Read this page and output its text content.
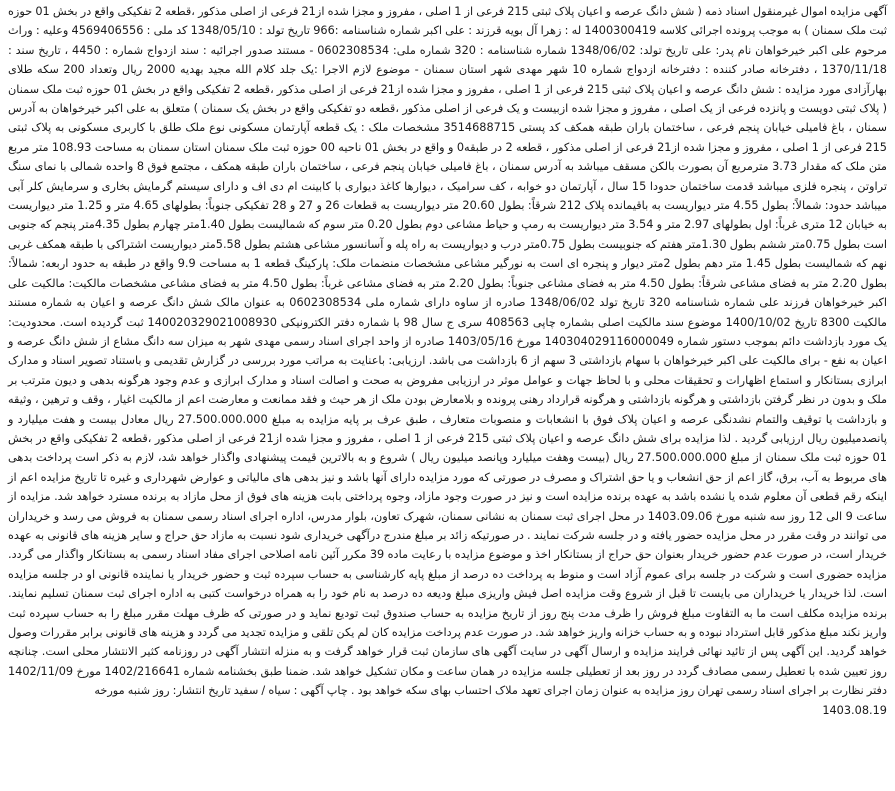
آگهی مزایده اموال غیرمنقول اسناد ذمه ( شش دانگ عرصه و اعیان پلاک ثبتی 215 فرعی از 1 اصلی ، مفروز و مجزا شده از21 فرعی از اصلی مذکور ،قطعه 2 تفکیکی واقع در بخش 01 حوزه ثبت ملک سمنان ) به موجب پرونده اجرائی کلاسه 1400300419 له : زهرا آل بویه قرزند : علی اکبر شماره شناسنامه :966 تاریخ تولد : 1348/05/10 کد ملی : 4569406556 وعلیه : وراث مرحوم علی اکبر خیرخواهان نام پدر: علی تاریخ تولد: 1348/06/02 شماره شناسنامه : 320 شماره ملی: 0602308534 - مستند صدور اجرائیه : سند ازدواج شماره : 4450 ، تاریخ سند : 1370/11/18 ، دفترخانه صادر کننده : دفترخانه ازدواج شماره 10 شهر مهدی شهر استان سمنان - موضوع لازم الاجرا :یک جلد کلام الله مجید بهدیه 2000 ریال وتعداد 200 سکه طلای بهارآزادی مورد مزایده : شش دانگ عرصه و اعیان پلاک ثبتی 215 فرعی از 1 اصلی ، مفروز و مجزا شده از21 فرعی از اصلی مذکور ،قطعه 2 تفکیکی واقع در بخش 01 حوزه ثبت ملک سمنان ( پلاک ثبتی دویست و پانزده فرعی از یک اصلی ، مفروز و مجزا شده ازبیست و یک فرعی از اصلی مذکور ،قطعه دو تفکیکی واقع در بخش یک سمنان ) متعلق به علی اکبر خیرخواهان به آدرس سمنان ، باغ فامیلی خیابان پنجم فرعی ، ساختمان باران طبقه همکف کد پستی 3514688715 مشخصات ملک : یک قطعه آپارتمان مسکونی نوع ملک طلق با کاربری مسکونی به پلاک ثبتی 215 فرعی از 1 اصلی ، مفروز و مجزا شده از21 فرعی از اصلی مذکور ، قطعه 2 در طبقه0 و واقع در بخش 01 ناحیه 00 حوزه ثبت ملک سمنان استان سمنان به مساحت 108.93 متر مربع متن ملک که مقدار 3.73 مترمربع آن بصورت بالکن مسقف میباشد به آدرس سمنان ، باغ فامیلی خیابان پنجم فرعی ، ساختمان باران طبقه همکف ، مجتمع فوق 8 واحده شمالی با نمای سنگ تراوتن ، پنجره فلزی میباشد قدمت ساختمان حدودا 15 سال ، آپارتمان دو خوابه ، کف سرامیک ، دیوارها کاغذ دیواری با کابینت ام دی اف و دارای سیستم گرمایش بخاری و سرمایش کلر آبی میباشد حدود: شمالاً: بطول 4.55 متر دیواریست به باقیمانده پلاک 212 شرقاً: بطول 20.60 متر دیواریست به قطعات 26 و 27 و 28 تفکیکی جنوباً: بطولهای 4.65 متر و 1.25 متر دیواریست به خیابان 12 متری غرباً: اول بطولهای 2.97 متر و 3.54 متر دیواریست به رمپ و حیاط مشاعی دوم بطول 0.20 متر سوم که شمالیست بطول 1.40متر چهارم بطول 4.35متر پنجم که جنوبی است بطول 0.75متر ششم بطول 1.30متر هفتم که جنوبیست بطول 0.75متر درب و دیواریست به راه پله و آسانسور مشاعی هشتم بطول 5.58متر دیواریست اشتراکی با طبقه همکف غربی نهم که شمالیست بطول 1.45 متر دهم بطول 2متر دیوار و پنجره ای است به نورگیر مشاعی مشخصات منضمات ملک: پارکینگ قطعه 1 به مساحت 9.9 واقع در طبقه به حدود اربعه: شمالاً: بطول 2.20 متر به فضای مشاعی شرقاً: بطول 4.50 متر به فضای مشاعی جنوباً: بطول 2.20 متر به فضای مشاعی غرباً: بطول 4.50 متر به فضای مشاعی مشخصات مالکیت: مالکیت علی اکبر خیرخواهان فرزند علی شماره شناسنامه 320 تاریخ تولد 1348/06/02 صادره از ساوه دارای شماره ملی 0602308534 به عنوان مالک شش دانگ عرصه و اعیان به شماره مستند مالکیت 8300 تاریخ 1400/10/02 موضوع سند مالکیت اصلی بشماره چاپی 408563 سری ج سال 98 با شماره دفتر الکترونیکی 140020329021008930 ثبت گردیده است. محدودیت: یک مورد بازداشت دائم بموجب دستور شماره 140304029116000049 مورخ 1403/05/16 صادره از واحد اجرای اسناد رسمی مهدی شهر به میزان سه دانگ مشاع از شش دانگ عرصه و اعیان به نفع - برای مالکیت علی اکبر خیرخواهان با سهام بازداشتی 3 سهم از 6 بازداشت می باشد. ارزیابی: باعنایت به مراتب مورد بررسی در گزارش تقدیمی و باستناد تصویر اسناد و مدارک ابرازی بستانکار و استماع اظهارات و تحقیقات محلی و با لحاظ جهات و عوامل موثر در ارزیابی مفروض به صحت و اصالت اسناد و مدارک ابرازی و عدم وجود هرگونه بدهی و دیون مترتب بر ملک و بدون در نظر گرفتن بازداشتی و هرگونه بازداشتی و هرگونه قرارداد رهنی پرونده و بلامعارض بودن ملک از هر حیث و فقد ممانعت و معارضت اعم از مالکیت اغیار ، وقف و ترهین ، وثیقه و بازداشت یا توقیف والتمام نشدنگی عرصه و اعیان پلاک فوق با انشعابات و منصوبات متعارف ، طبق عرف بر پایه مزایده به مبلغ 27.500.000.000 ریال معادل بیست و هفت میلیارد و پانصدمیلیون ریال ارزیابی گردید . لذا مزایده برای شش دانگ عرصه و اعیان پلاک ثبتی 215 فرعی از 1 اصلی ، مفروز و مجزا شده از21 فرعی از اصلی مذکور ،قطعه 2 تفکیکی واقع در بخش 01 حوزه ثبت ملک سمنان از مبلغ 27.500.000.000 ریال (بیست وهفت میلیارد وپانصد میلیون ریال ) شروع و به بالاترین قیمت پیشنهادی واگذار خواهد شد، لازم به ذکر است پرداخت بدهی های مربوط به آب، برق، گاز اعم از حق انشعاب و یا حق اشتراک و مصرف در صورتی که مورد مزایده دارای آنها باشد و نیز بدهی های مالیاتی و عوارض شهرداری و غیره تا تاریخ مزایده اعم از اینکه رقم قطعی آن معلوم شده یا نشده باشد به عهده برنده مزایده است و نیز در صورت وجود مازاد، وجوه پرداختی بابت هزینه های فوق از محل مازاد به برنده مسترد خواهد شد. مزایده از ساعت 9 الی 12 روز سه شنبه مورخ 1403.09.06 در محل اجرای ثبت سمنان به نشانی سمنان، شهرک تعاون، بلوار مدرس، اداره اجرای اسناد رسمی سمنان به فروش می رسد و خریداران می توانند در وقت مقرر در محل مزایده حضور یافته و در جلسه شرکت نمایند . در صورتیکه زائد بر مبلغ مندرج درآگهی خریداری شود نسبت به مازاد حق حراج و سایر هزینه های قانونی به عهده خریدار است، در صورت عدم حضور خریدار بعنوان حق حراج از بستانکار اخذ و موضوع مزایده با رعایت ماده 39 مکرر آئین نامه اصلاحی اجرای مفاد اسناد رسمی به بستانکار واگذار می گردد. مزایده حضوری است و شرکت در جلسه برای عموم آزاد است و منوط به پرداخت ده درصد از مبلغ پایه کارشناسی به حساب سپرده ثبت و حضور خریدار یا نماینده قانونی او در جلسه مزایده است. لذا خریدار یا خریداران می بایست تا قبل از شروع وقت مزایده اصل فیش واریزی مبلغ ودیعه ده درصد به نام خود را به همراه درخواست کتبی به اداره اجرای ثبت سمنان تسلیم نمایند. برنده مزایده مکلف است ما به التفاوت مبلغ فروش را ظرف مدت پنج روز از تاریخ مزایده به حساب صندوق ثبت تودیع نماید و در صورتی که ظرف مهلت مقرر مبلغ را به حساب سپرده ثبت واریز نکند مبلغ مذکور قابل استرداد نبوده و به حساب خزانه واریز خواهد شد. در صورت عدم پرداخت مزایده کان لم یکن تلقی و مزایده تجدید می گردد و هزینه های قانونی برابر مقررات وصول خواهد گردید. این آگهی پس از تائید نهائی فرایند مزایده و ارسال آگهی در سایت آگهی های سازمان ثبت قرار خواهد گرفت و به منزله انتشار آگهی در روزنامه کثیر الانتشار محلی است. چنانچه روز تعیین شده با تعطیل رسمی مصادف گردد در روز بعد از تعطیلی جلسه مزایده در همان ساعت و مکان تشکیل خواهد شد. ضمنا طبق بخشنامه شماره 1402/216641 مورخ 1402/11/09 دفتر نظارت بر اجرای اسناد رسمی تهران روز مزایده به عنوان زمان اجرای تعهد ملاک احتساب بهای سکه خواهد بود . چاپ آگهی : سیاه / سفید تاریخ انتشار: روز شنبه مورخه

1403.08.19
